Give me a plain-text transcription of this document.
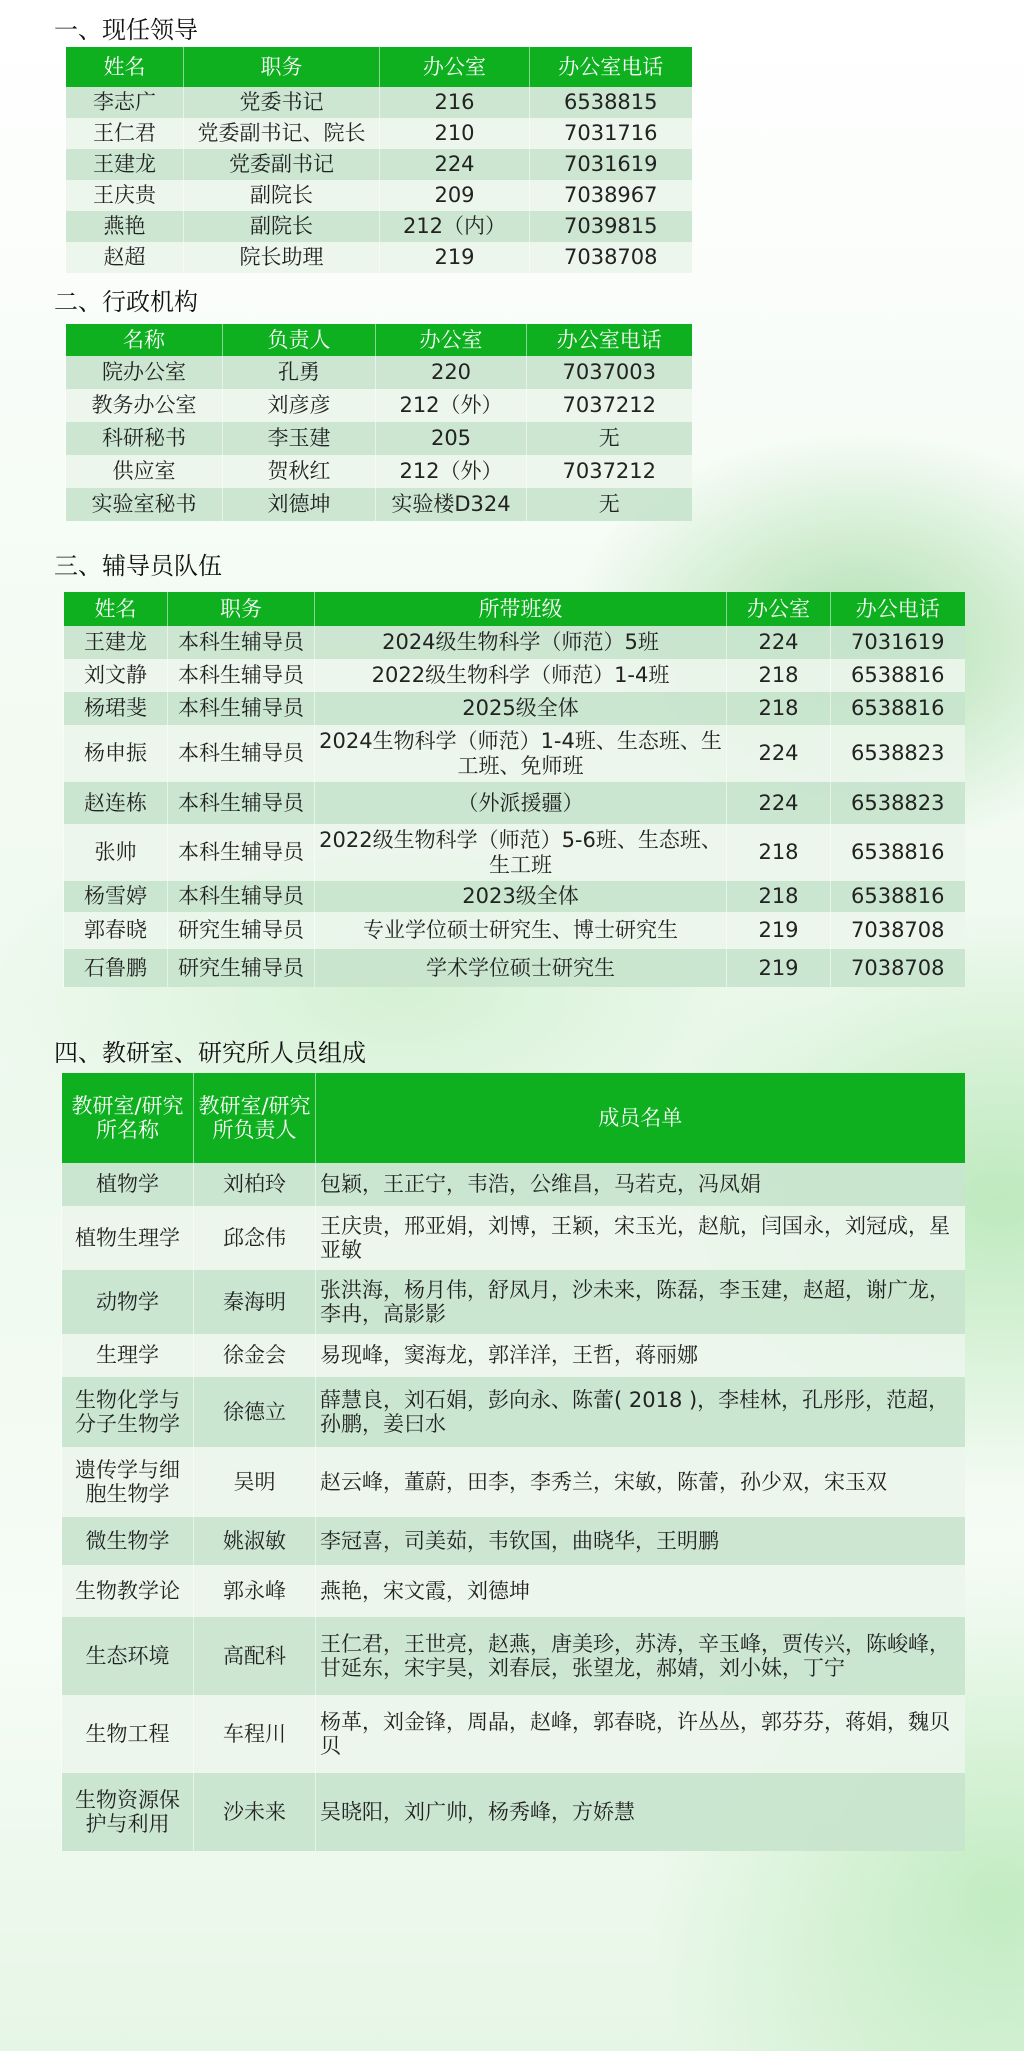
一、现任领导
姓名	职务	办公室	办公室电话
李志广	党委书记	216	6538815
王仁君	党委副书记、院长	210	7031716
王建龙	党委副书记	224	7031619
王庆贵	副院长	209	7038967
燕艳	副院长	212（内）	7039815
赵超	院长助理	219	7038708
二、行政机构
名称	负责人	办公室	办公室电话
院办公室	孔勇	220	7037003
教务办公室	刘彦彦	212（外）	7037212
科研秘书	李玉建	205	无
供应室	贺秋红	212（外）	7037212
实验室秘书	刘德坤	实验楼D324	无
三、辅导员队伍
姓名	职务	所带班级	办公室	办公电话
王建龙	本科生辅导员	2024级生物科学（师范）5班	224	7031619
刘文静	本科生辅导员	2022级生物科学（师范）1-4班	218	6538816
杨珺斐	本科生辅导员	2025级全体	218	6538816
杨申振	本科生辅导员	2024生物科学（师范）1-4班、生态班、生工班、免师班	224	6538823
赵连栋	本科生辅导员	（外派援疆）	224	6538823
张帅	本科生辅导员	2022级生物科学（师范）5-6班、生态班、生工班	218	6538816
杨雪婷	本科生辅导员	2023级全体	218	6538816
郭春晓	研究生辅导员	专业学位硕士研究生、博士研究生	219	7038708
石鲁鹏	研究生辅导员	学术学位硕士研究生	219	7038708
四、教研室、研究所人员组成
教研室/研究所名称	教研室/研究所负责人	成员名单
植物学	刘柏玲	包颖，王正宁，韦浩，公维昌，马若克，冯凤娟
植物生理学	邱念伟	王庆贵，邢亚娟，刘博，王颖，宋玉光，赵航，闫国永，刘冠成，星亚敏
动物学	秦海明	张洪海，杨月伟，舒凤月，沙未来，陈磊，李玉建，赵超，谢广龙，李冉，高影影
生理学	徐金会	易现峰，窦海龙，郭洋洋，王哲，蒋丽娜
生物化学与分子生物学	徐德立	薛慧良，刘石娟，彭向永、陈蕾( 2018 )，李桂林，孔彤彤，范超，孙鹏，姜曰水
遗传学与细胞生物学	吴明	赵云峰，董蔚，田李，李秀兰，宋敏，陈蕾，孙少双，宋玉双
微生物学	姚淑敏	李冠喜，司美茹，韦钦国，曲晓华，王明鹏
生物教学论	郭永峰	燕艳，宋文霞，刘德坤
生态环境	高配科	王仁君，王世亮，赵燕，唐美珍，苏涛，辛玉峰，贾传兴，陈峻峰，甘延东，宋宇昊，刘春辰，张望龙，郝婧，刘小妹，丁宁
生物工程	车程川	杨革，刘金锋，周晶，赵峰，郭春晓，许丛丛，郭芬芬，蒋娟，魏贝贝
生物资源保护与利用	沙未来	吴晓阳，刘广帅，杨秀峰，方娇慧
